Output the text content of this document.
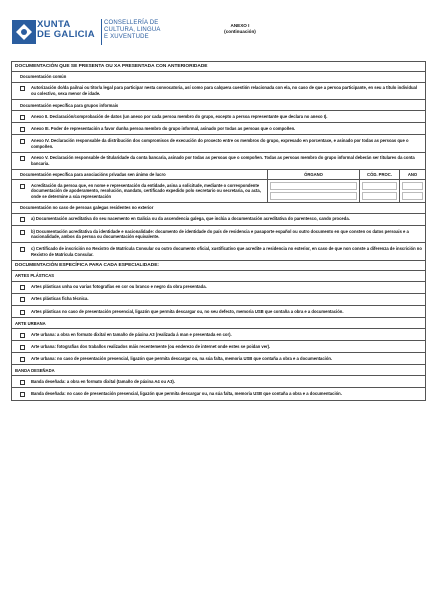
XUNTA
DE GALICIA
CONSELLERÍA DE
CULTURA, LINGUA
E XUVENTUDE
ANEXO I
(continuación)
DOCUMENTACIÓN QUE SE PRESENTA OU XA PRESENTADA CON ANTERIORIDADE
Documentación común
Autorización do/da pai/nai ou titor/a legal para participar nesta convocatoria, así como para calquera cuestión relacionada con ela, no caso de que a persoa participante, en seu a título individual ou colectivo, sexa menor de idade.
Documentación específica para grupos informais
Anexo II. Declaración/comprobación de datos (un anexo por cada persoa membro do grupo, excepto a persoa representante que declara no anexo I).
Anexo III. Poder de representación a favor dunha persoa membro do grupo informal, asinado por todas as persoas que o compoñen.
Anexo IV. Declaración responsable da distribución dos compromisos de execución do proxecto entre os membros do grupo, expresado en porcentaxe, e asinado por todas as persoas que o compoñen.
Anexo V. Declaración responsable de titularidade da conta bancaria, asinado por todas as persoas que o compoñen. Todas as persoas membro do grupo informal deberán ser titulares da conta bancaria.
Documentación específica para asociacións privadas sen ánimo de lucro	ÓRGANO	CÓD. PROC.	ANO
Acreditación da persoa que, en nome e representación da entidade, asina a solicitude, mediante o correspondente documentación de apoderamento, resolución, mandato, certificado expedido polo secretario ou secretaria, ou acta, onde se determine a súa representación
Documentación no caso de persoas galegas residentes no exterior
a) Documentación acreditativa do seu nacemento en Galicia ou da ascendencia galega, que inclúa a documentación acreditativa do parentesco, cando proceda.
b) Documentación acreditativa da identidade e nacionalidade: documento de identidade do país de residencia e pasaporte español ou outro documento en que consten os datos persoais e a nacionalidade, ambos da persoa ou documentación equivalente.
c) Certificado de inscrición no Rexistro de Matrícula Consular ou outro documento oficial, xustificativo que acredite a residencia no exterior, en caso de que non conste a diferenza de inscrición no Rexistro de Matrícula Consular.
DOCUMENTACIÓN ESPECÍFICA PARA CADA ESPECIALIDADE:
ARTES PLÁSTICAS
Artes plásticas unha ou varias fotografías en cor ou branco e negro da obra presentada.
Artes plásticas ficha técnica.
Artes plásticas no caso de presentación presencial, ligazón que permita descargar ou, no seu defecto, memoria USB que contaña a obra e a documentación.
ARTE URBANA
Arte urbana: a obra en formato dixital en tamaño de páxina A3 (realizada á man e presentada en cor).
Arte urbana: fotografías dos traballos realizados máis recentemente (ou enderezo de internet onde estes se poidan ver).
Arte urbana: no caso de presentación presencial, ligazón que permita descargar ou, na súa falta, memoria USB que contaña a obra e a documentación.
BANDA DESEÑADA
Banda deseñada: a obra en formato dixital (tamaño de páxina A4 ou A3).
Banda deseñada: no caso de presentación presencial, ligazón que permita descargar ou, na súa falta, memoria USB que contaña a obra e a documentación.
